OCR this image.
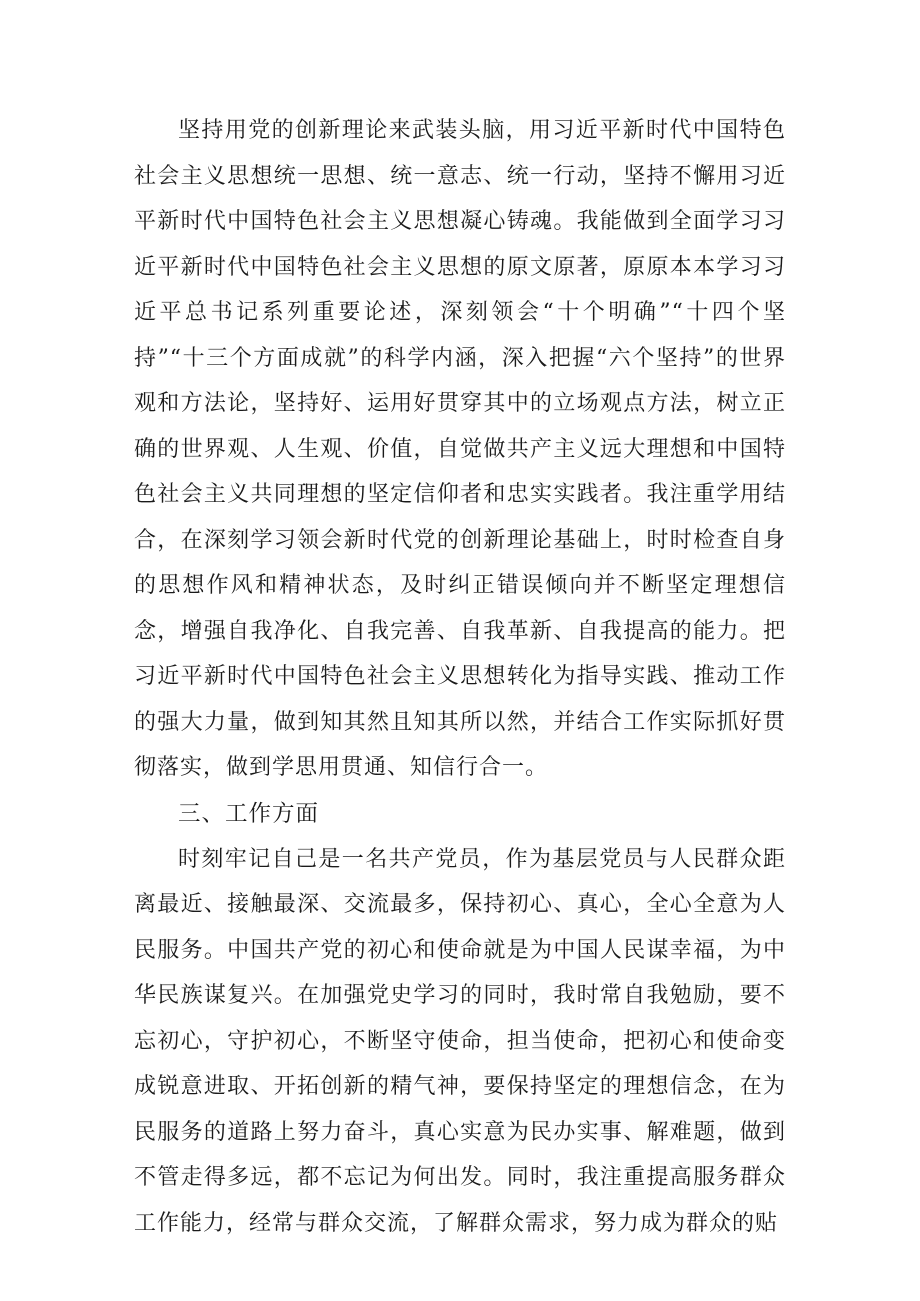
坚持用党的创新理论来武装头脑，用习近平新时代中国特色社会主义思想统一思想、统一意志、统一行动，坚持不懈用习近平新时代中国特色社会主义思想凝心铸魂。我能做到全面学习习近平新时代中国特色社会主义思想的原文原著，原原本本学习习近平总书记系列重要论述，深刻领会“十个明确”“十四个坚持”“十三个方面成就”的科学内涵，深入把握“六个坚持”的世界观和方法论，坚持好、运用好贯穿其中的立场观点方法，树立正确的世界观、人生观、价值，自觉做共产主义远大理想和中国特色社会主义共同理想的坚定信仰者和忠实实践者。我注重学用结合，在深刻学习领会新时代党的创新理论基础上，时时检查自身的思想作风和精神状态，及时纠正错误倾向并不断坚定理想信念，增强自我净化、自我完善、自我革新、自我提高的能力。把习近平新时代中国特色社会主义思想转化为指导实践、推动工作的强大力量，做到知其然且知其所以然，并结合工作实际抓好贯彻落实，做到学思用贯通、知信行合一。

三、工作方面

时刻牢记自己是一名共产党员，作为基层党员与人民群众距离最近、接触最深、交流最多，保持初心、真心，全心全意为人民服务。中国共产党的初心和使命就是为中国人民谋幸福，为中华民族谋复兴。在加强党史学习的同时，我时常自我勉励，要不忘初心，守护初心，不断坚守使命，担当使命，把初心和使命变成锐意进取、开拓创新的精气神，要保持坚定的理想信念，在为民服务的道路上努力奋斗，真心实意为民办实事、解难题，做到不管走得多远，都不忘记为何出发。同时，我注重提高服务群众工作能力，经常与群众交流，了解群众需求，努力成为群众的贴
